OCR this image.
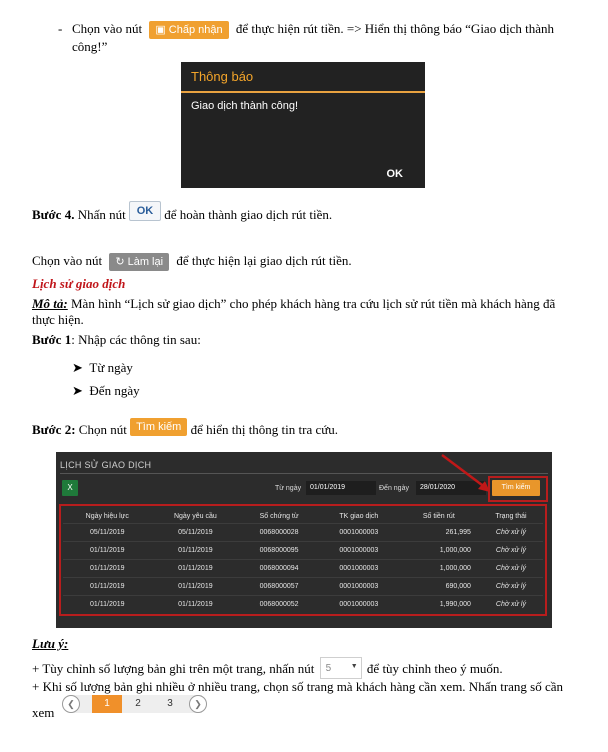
- Chọn vào nút ▣ Chấp nhận để thực hiện rút tiền. => Hiển thị thông báo “Giao dịch thành
công!”
Thông báo
Giao dịch thành công!
OK
Bước 4. Nhấn nút OK để hoàn thành giao dịch rút tiền.
Chọn vào nút ↻ Làm lại để thực hiện lại giao dịch rút tiền.
Lịch sử giao dịch
Mô tả: Màn hình “Lịch sử giao dịch” cho phép khách hàng tra cứu lịch sử rút tiền mà khách hàng đã
thực hiện.
Bước 1: Nhập các thông tin sau:
➤ Từ ngày
➤ Đến ngày
Bước 2: Chọn nút Tìm kiếm để hiển thị thông tin tra cứu.
LỊCH SỬ GIAO DỊCH
X	Từ ngày	01/01/2019	Đến ngày	28/01/2020	Tìm kiếm
Ngày hiệu lực	Ngày yêu cầu	Số chứng từ	TK giao dịch	Số tiền rút	Trạng thái
05/11/2019	05/11/2019	0068000028	0001000003	261,995	Chờ xử lý
01/11/2019	01/11/2019	0068000095	0001000003	1,000,000	Chờ xử lý
01/11/2019	01/11/2019	0068000094	0001000003	1,000,000	Chờ xử lý
01/11/2019	01/11/2019	0068000057	0001000003	690,000	Chờ xử lý
01/11/2019	01/11/2019	0068000052	0001000003	1,990,000	Chờ xử lý
Lưu ý:
+ Tùy chỉnh số lượng bản ghi trên một trang, nhấn nút 5	▼ để tùy chỉnh theo ý muốn.
+ Khi số lượng bản ghi nhiều ở nhiều trang, chọn số trang mà khách hàng cần xem. Nhấn trang số cần
xem
❮	1	2	3	❯
